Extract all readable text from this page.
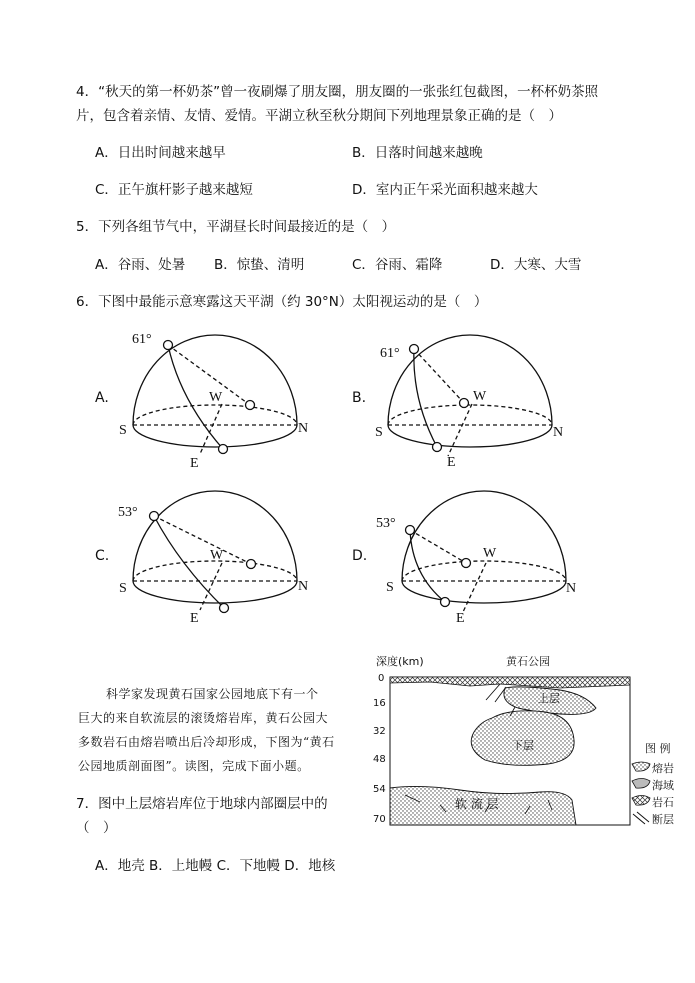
4．“秋天的第一杯奶茶”曾一夜刷爆了朋友圈，朋友圈的一张张红包截图，一杯杯奶茶照
片，包含着亲情、友情、爱情。平湖立秋至秋分期间下列地理景象正确的是（　）
A．日出时间越来越早	B．日落时间越来越晚
C．正午旗杆影子越来越短	D．室内正午采光面积越来越大
5．下列各组节气中，平湖昼长时间最接近的是（　）
A．谷雨、处暑 B．惊蛰、清明	C．谷雨、霜降	D．大寒、大雪
6．下图中最能示意寒露这天平湖（约 30°N）太阳视运动的是（　）
A.
61°
W
S	N
E
B.
61°
W
S	N
E
C.
53°
W
S	N
E
D.
53°
W
S	N
E
科学家发现黄石国家公园地底下有一个
巨大的来自软流层的滚烫熔岩库，黄石公园大
多数岩石由熔岩喷出后冷却形成，下图为“黄石
公园地质剖面图”。读图，完成下面小题。
深度(km)	黄石公园
0
16
32
48
54
70
上层
下层
软 流 层
图 例
熔岩
海域
岩石
断层
7．图中上层熔岩库位于地球内部圈层中的
（　）
A．地壳 B．上地幔 C．下地幔 D．地核
